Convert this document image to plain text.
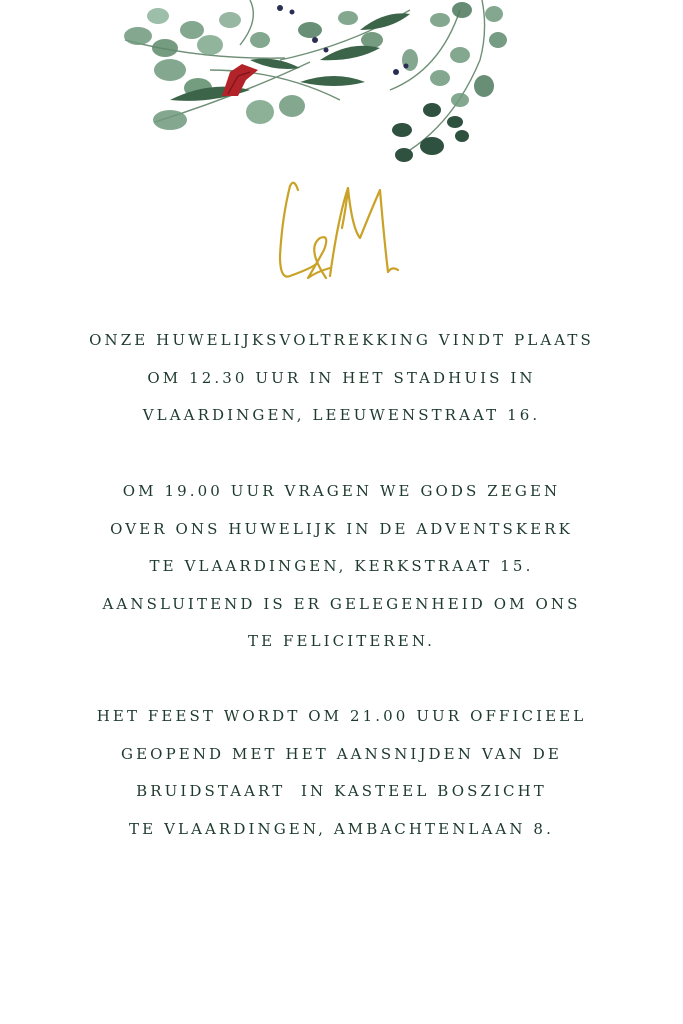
ONZE HUWELIJKSVOLTREKKING VINDT PLAATS
OM 12.30 UUR IN HET STADHUIS IN
VLAARDINGEN, LEEUWENSTRAAT 16.
OM 19.00 UUR VRAGEN WE GODS ZEGEN
OVER ONS HUWELIJK IN DE ADVENTSKERK
TE VLAARDINGEN, KERKSTRAAT 15.
AANSLUITEND IS ER GELEGENHEID OM ONS
TE FELICITEREN.
HET FEEST WORDT OM 21.00 UUR OFFICIEEL
GEOPEND MET HET AANSNIJDEN VAN DE
BRUIDSTAART  IN KASTEEL BOSZICHT
TE VLAARDINGEN, AMBACHTENLAAN 8.
